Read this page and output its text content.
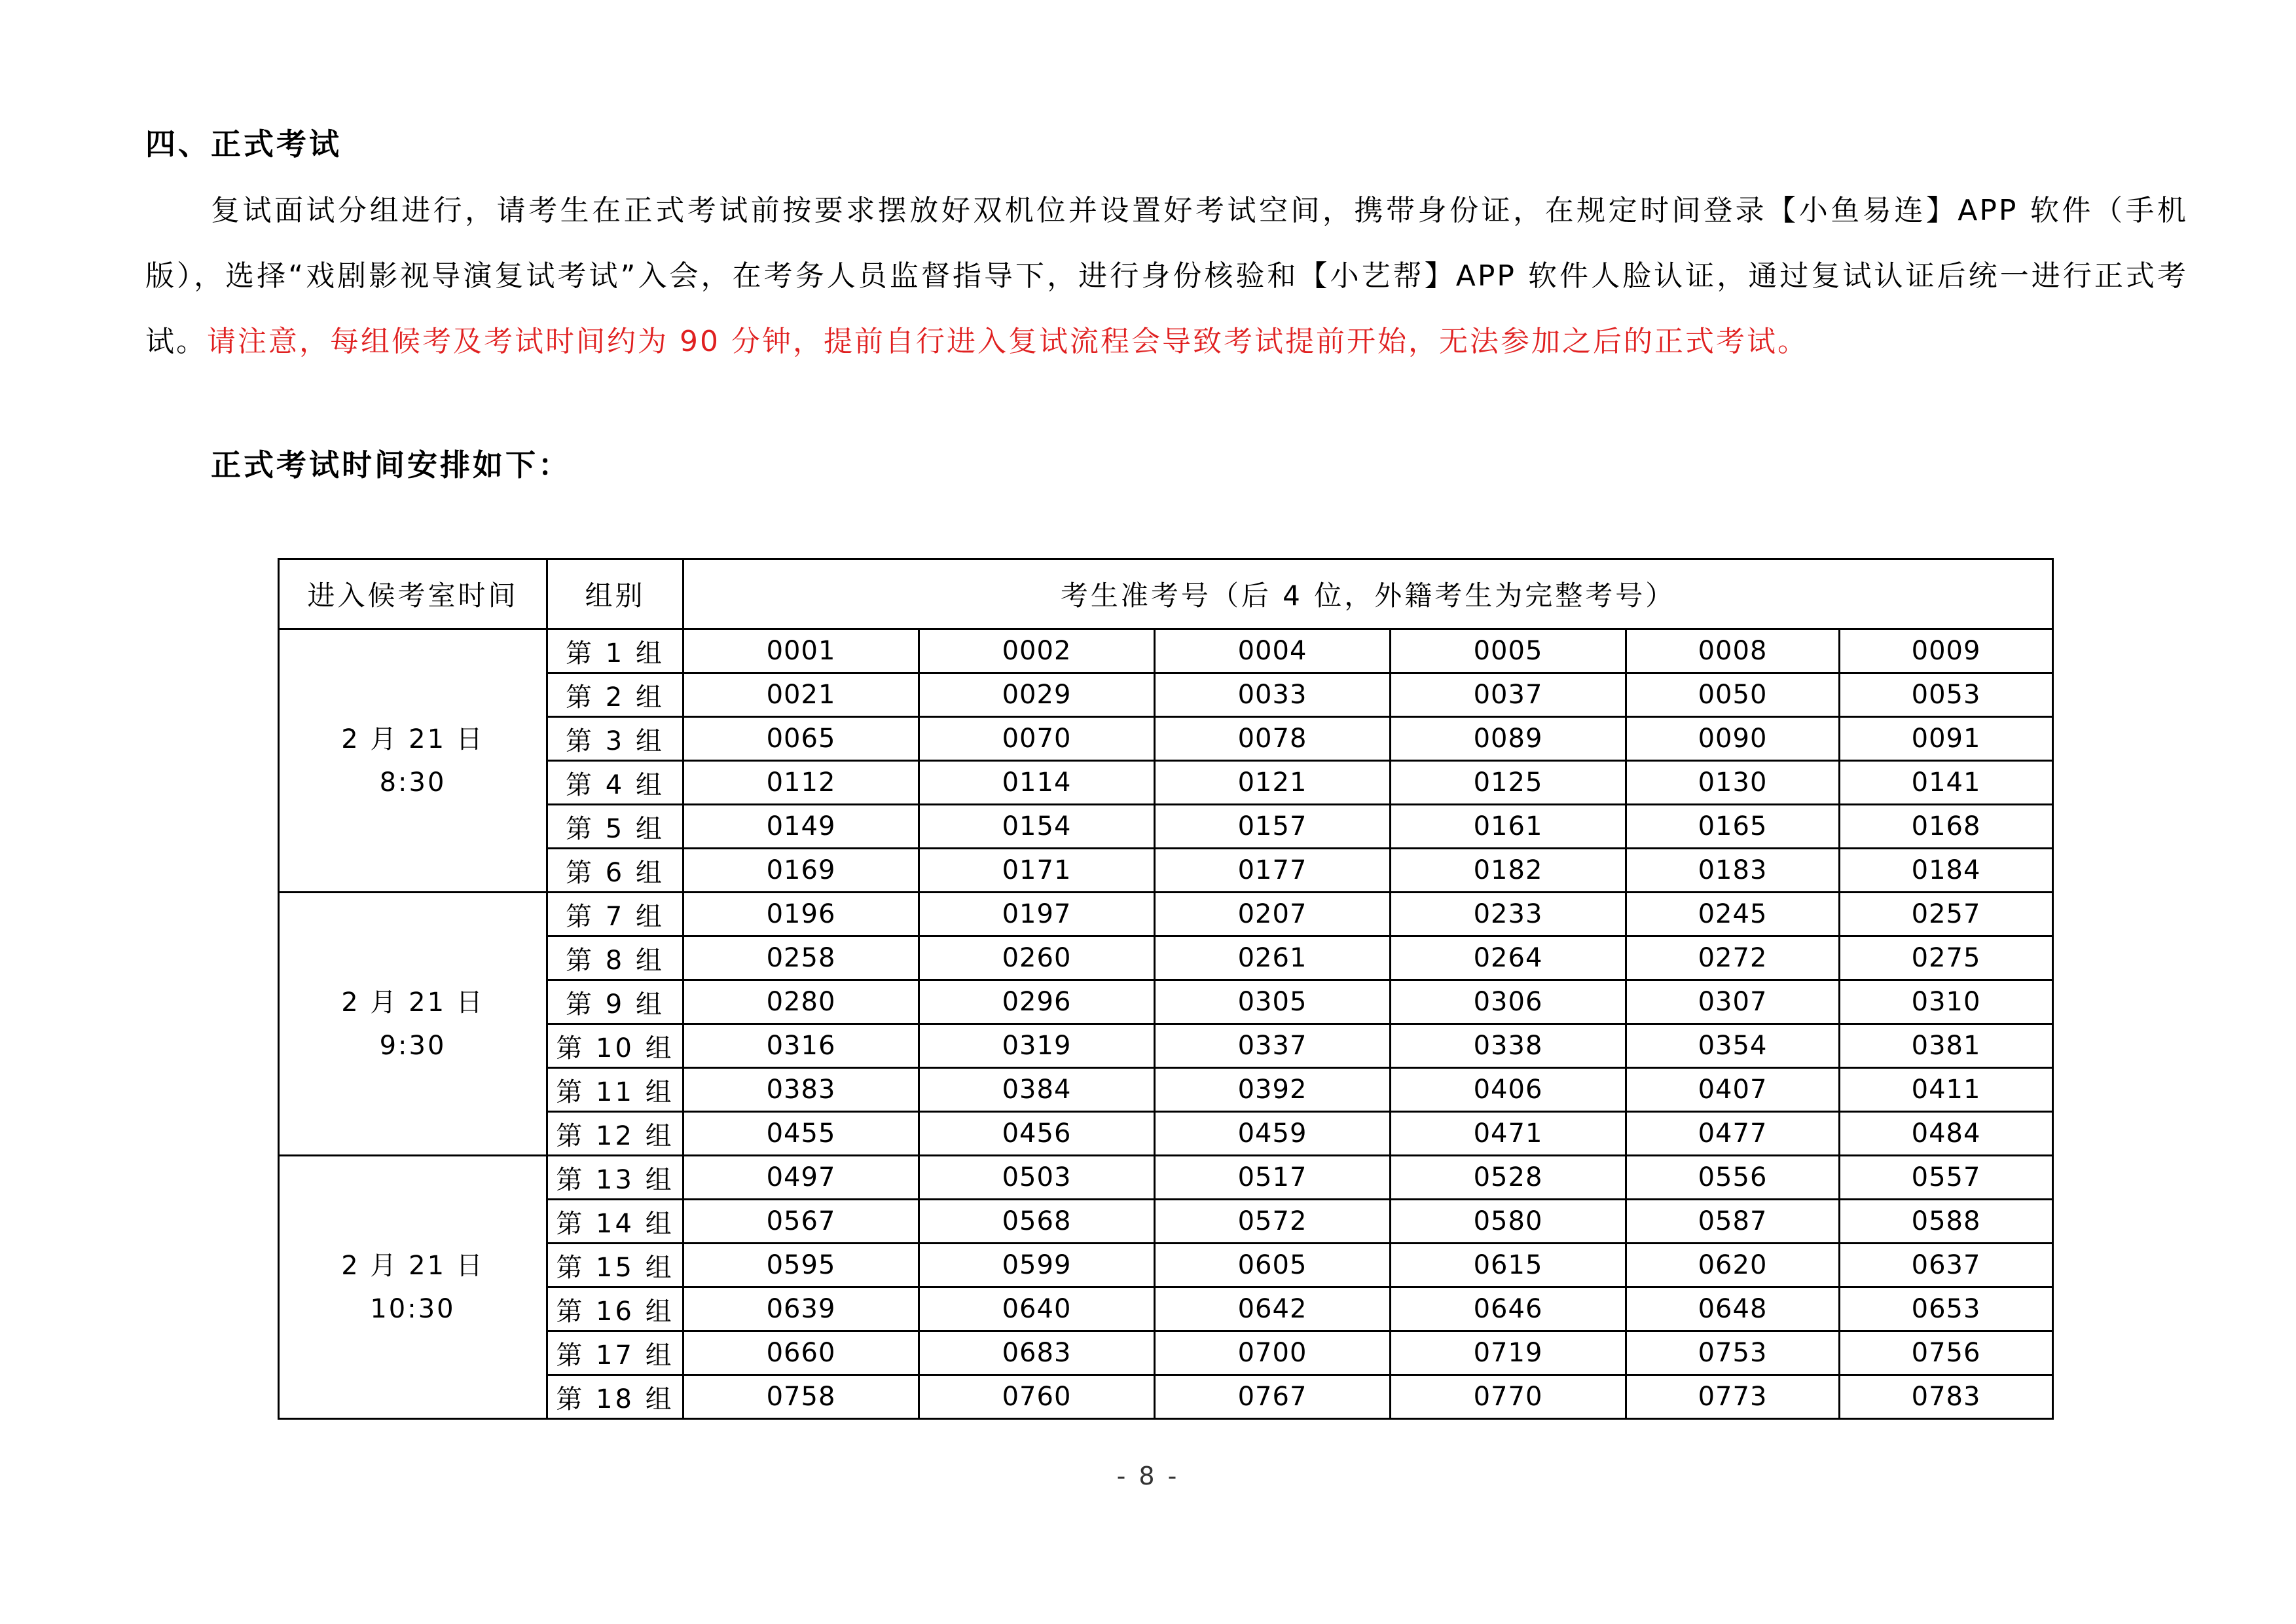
四、正式考试

复试面试分组进行，请考生在正式考试前按要求摆放好双机位并设置好考试空间，携带身份证，在规定时间登录【小鱼易连】APP 软件（手机版），选择“戏剧影视导演复试考试”入会，在考务人员监督指导下，进行身份核验和【小艺帮】APP 软件人脸认证，通过复试认证后统一进行正式考试。请注意，每组候考及考试时间约为 90 分钟，提前自行进入复试流程会导致考试提前开始，无法参加之后的正式考试。

正式考试时间安排如下：
进入候考室时间	组别	考生准考号（后 4 位，外籍考生为完整考号）					

2 月 21 日
8:30	第 1 组	0001	0002	0004	0005	0008	0009
	第 2 组	0021	0029	0033	0037	0050	0053
	第 3 组	0065	0070	0078	0089	0090	0091
	第 4 组	0112	0114	0121	0125	0130	0141
	第 5 组	0149	0154	0157	0161	0165	0168
	第 6 组	0169	0171	0177	0182	0183	0184

2 月 21 日
9:30	第 7 组	0196	0197	0207	0233	0245	0257
	第 8 组	0258	0260	0261	0264	0272	0275
	第 9 组	0280	0296	0305	0306	0307	0310
	第 10 组	0316	0319	0337	0338	0354	0381
	第 11 组	0383	0384	0392	0406	0407	0411
	第 12 组	0455	0456	0459	0471	0477	0484

2 月 21 日
10:30	第 13 组	0497	0503	0517	0528	0556	0557
	第 14 组	0567	0568	0572	0580	0587	0588
	第 15 组	0595	0599	0605	0615	0620	0637
	第 16 组	0639	0640	0642	0646	0648	0653
	第 17 组	0660	0683	0700	0719	0753	0756
	第 18 组	0758	0760	0767	0770	0773	0783
- 8 -
